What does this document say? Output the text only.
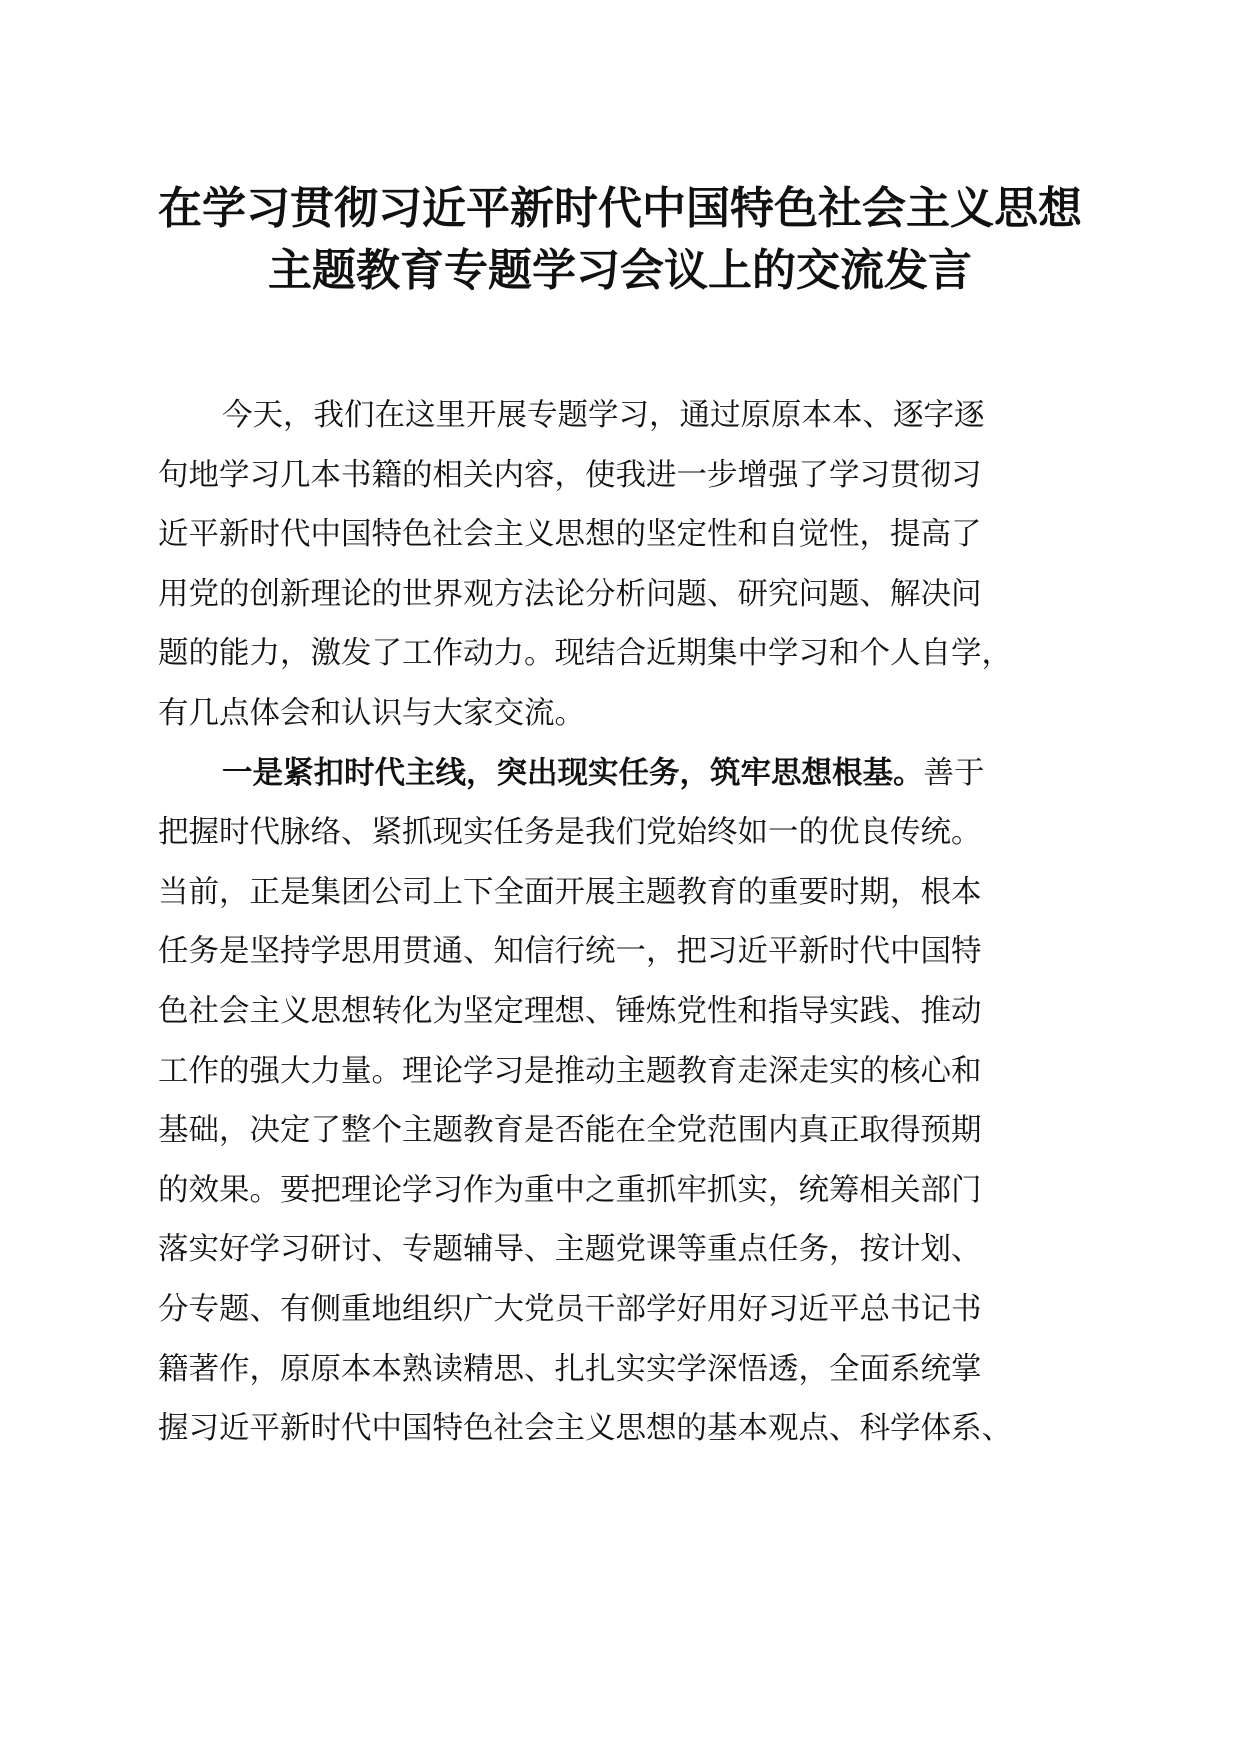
在学习贯彻习近平新时代中国特色社会主义思想
主题教育专题学习会议上的交流发言
今天，我们在这里开展专题学习，通过原原本本、逐字逐
句地学习几本书籍的相关内容，使我进一步增强了学习贯彻习
近平新时代中国特色社会主义思想的坚定性和自觉性，提高了
用党的创新理论的世界观方法论分析问题、研究问题、解决问
题的能力，激发了工作动力。现结合近期集中学习和个人自学，
有几点体会和认识与大家交流。
一是紧扣时代主线，突出现实任务，筑牢思想根基。善于
把握时代脉络、紧抓现实任务是我们党始终如一的优良传统。
当前，正是集团公司上下全面开展主题教育的重要时期，根本
任务是坚持学思用贯通、知信行统一，把习近平新时代中国特
色社会主义思想转化为坚定理想、锤炼党性和指导实践、推动
工作的强大力量。理论学习是推动主题教育走深走实的核心和
基础，决定了整个主题教育是否能在全党范围内真正取得预期
的效果。要把理论学习作为重中之重抓牢抓实，统筹相关部门
落实好学习研讨、专题辅导、主题党课等重点任务，按计划、
分专题、有侧重地组织广大党员干部学好用好习近平总书记书
籍著作，原原本本熟读精思、扎扎实实学深悟透，全面系统掌
握习近平新时代中国特色社会主义思想的基本观点、科学体系、
